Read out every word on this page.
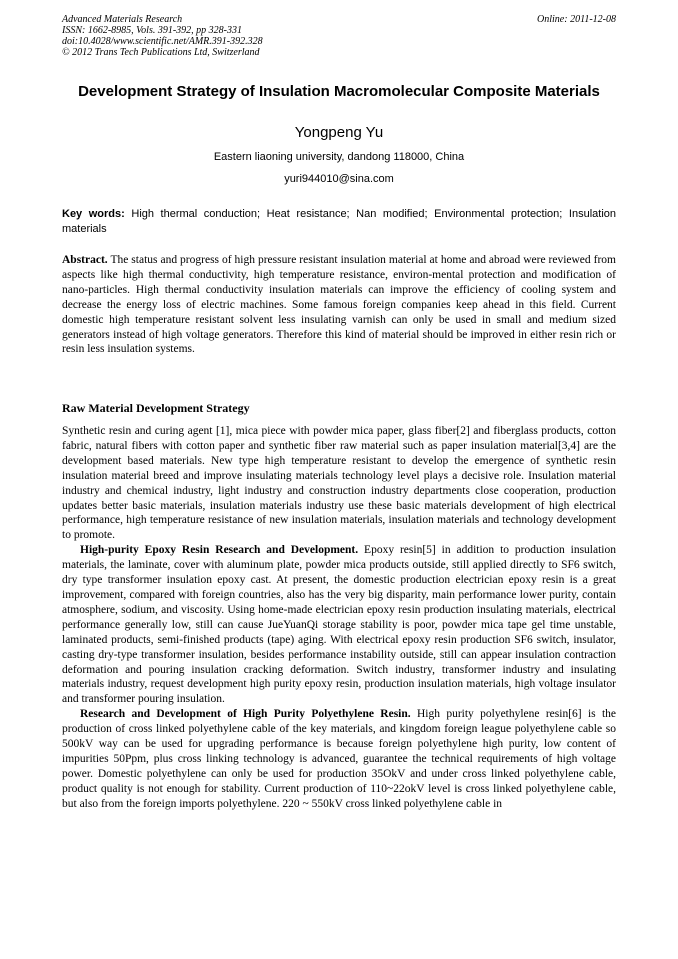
Advanced Materials Research
ISSN: 1662-8985, Vols. 391-392, pp 328-331
doi:10.4028/www.scientific.net/AMR.391-392.328
© 2012 Trans Tech Publications Ltd, Switzerland
Online: 2011-12-08
Development Strategy of Insulation Macromolecular Composite Materials
Yongpeng Yu
Eastern liaoning university, dandong 118000, China
yuri944010@sina.com
Key words: High thermal conduction; Heat resistance; Nan modified; Environmental protection; Insulation materials
Abstract. The status and progress of high pressure resistant insulation material at home and abroad were reviewed from aspects like high thermal conductivity, high temperature resistance, environ-mental protection and modification of nano-particles. High thermal conductivity insulation materials can improve the efficiency of cooling system and decrease the energy loss of electric machines. Some famous foreign companies keep ahead in this field. Current domestic high temperature resistant solvent less insulating varnish can only be used in small and medium sized generators instead of high voltage generators. Therefore this kind of material should be improved in either resin rich or resin less insulation systems.
Raw Material Development Strategy

Synthetic resin and curing agent [1], mica piece with powder mica paper, glass fiber[2] and fiberglass products, cotton fabric, natural fibers with cotton paper and synthetic fiber raw material such as paper insulation material[3,4] are the development based materials. New type high temperature resistant to develop the emergence of synthetic resin insulation material breed and improve insulating materials technology level plays a decisive role. Insulation material industry and chemical industry, light industry and construction industry departments close cooperation, production updates better basic materials, insulation materials industry use these basic materials development of high electrical performance, high temperature resistance of new insulation materials, insulation materials and technology development to promote.

High-purity Epoxy Resin Research and Development. Epoxy resin[5] in addition to production insulation materials, the laminate, cover with aluminum plate, powder mica products outside, still applied directly to SF6 switch, dry type transformer insulation epoxy cast. At present, the domestic production electrician epoxy resin is a great improvement, compared with foreign countries, also has the very big disparity, main performance lower purity, contain atmosphere, sodium, and viscosity. Using home-made electrician epoxy resin production insulating materials, electrical performance generally low, still can cause JueYuanQi storage stability is poor, powder mica tape gel time unstable, laminated products, semi-finished products (tape) aging. With electrical epoxy resin production SF6 switch, insulator, casting dry-type transformer insulation, besides performance instability outside, still can appear insulation contraction deformation and pouring insulation cracking deformation. Switch industry, transformer industry and insulating materials industry, request development high purity epoxy resin, production insulation materials, high voltage insulator and transformer pouring insulation.

Research and Development of High Purity Polyethylene Resin. High purity polyethylene resin[6] is the production of cross linked polyethylene cable of the key materials, and kingdom foreign league polyethylene cable so 500kV way can be used for upgrading performance is because foreign polyethylene high purity, low content of impurities 50Ppm, plus cross linking technology is advanced, guarantee the technical requirements of high voltage power. Domestic polyethylene can only be used for production 35OkV and under cross linked polyethylene cable, product quality is not enough for stability. Current production of 110~22okV level is cross linked polyethylene cable, but also from the foreign imports polyethylene. 220 ~ 550kV cross linked polyethylene cable in
